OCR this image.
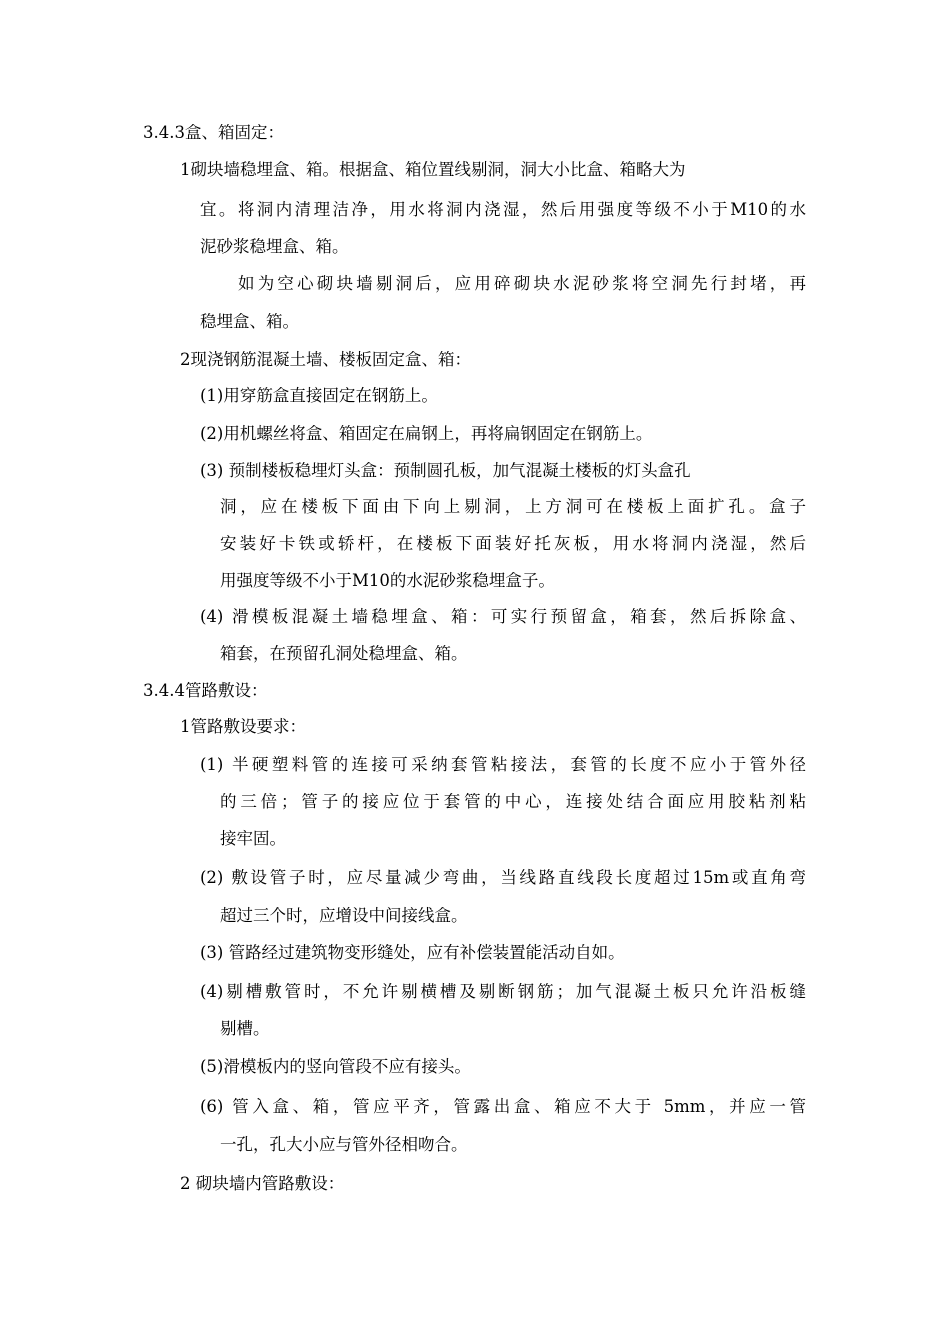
3.4.3盒、箱固定：
1砌块墙稳埋盒、箱。根据盒、箱位置线剔洞，洞大小比盒、箱略大为
宜。将洞内清理洁净，用水将洞内浇湿，然后用强度等级不小于M10的水
泥砂浆稳埋盒、箱。
如为空心砌块墙剔洞后，应用碎砌块水泥砂浆将空洞先行封堵，再
稳埋盒、箱。
2现浇钢筋混凝土墙、楼板固定盒、箱：
(1)用穿筋盒直接固定在钢筋上。
(2)用机螺丝将盒、箱固定在扁钢上，再将扁钢固定在钢筋上。
(3) 预制楼板稳埋灯头盒：预制圆孔板，加气混凝土楼板的灯头盒孔
洞，应在楼板下面由下向上剔洞，上方洞可在楼板上面扩孔。盒子
安装好卡铁或轿杆，在楼板下面装好托灰板，用水将洞内浇湿，然后
用强度等级不小于M10的水泥砂浆稳埋盒子。
(4) 滑模板混凝土墙稳埋盒、箱：可实行预留盒，箱套，然后拆除盒、
箱套，在预留孔洞处稳埋盒、箱。
3.4.4管路敷设：
1管路敷设要求：
(1) 半硬塑料管的连接可采纳套管粘接法，套管的长度不应小于管外径
的三倍；管子的接应位于套管的中心，连接处结合面应用胶粘剂粘
接牢固。
(2) 敷设管子时，应尽量减少弯曲，当线路直线段长度超过15m或直角弯
超过三个时，应增设中间接线盒。
(3) 管路经过建筑物变形缝处，应有补偿装置能活动自如。
(4)剔槽敷管时，不允许剔横槽及剔断钢筋；加气混凝土板只允许沿板缝
剔槽。
(5)滑模板内的竖向管段不应有接头。
(6) 管入盒、箱，管应平齐，管露出盒、箱应不大于 5mm，并应一管
一孔，孔大小应与管外径相吻合。
2 砌块墙内管路敷设：
